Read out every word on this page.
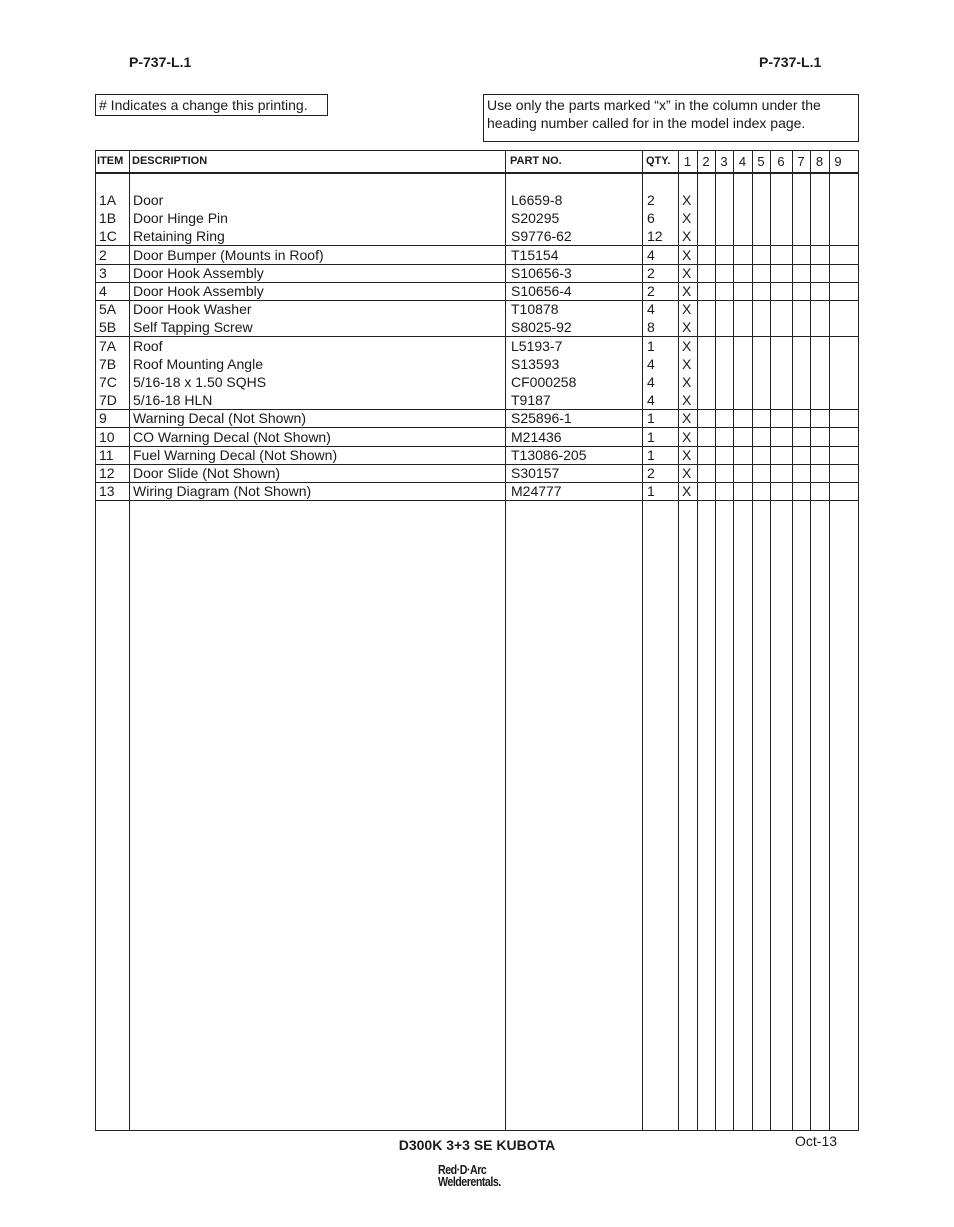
P-737-L.1	P-737-L.1
# Indicates a change this printing.	Use only the parts marked “x” in the column under the
heading number called for in the model index page.
ITEM DESCRIPTION	PART NO.	QTY.	1 2 3 4 5 6 7 8 9
1A Door	L6659-8	2 X
1B Door Hinge Pin	S20295	6 X
1C Retaining Ring	S9776-62	12 X
2 Door Bumper (Mounts in Roof)	T15154	4 X
3 Door Hook Assembly	S10656-3	2 X
4 Door Hook Assembly	S10656-4	2 X
5A Door Hook Washer	T10878	4 X
5B Self Tapping Screw	S8025-92	8 X
7A Roof	L5193-7	1 X
7B Roof Mounting Angle	S13593	4 X
7C 5/16-18 x 1.50 SQHS	CF000258	4 X
7D 5/16-18 HLN	T9187	4 X
9 Warning Decal (Not Shown)	S25896-1	1 X
10 CO Warning Decal (Not Shown)	M21436	1 X
11 Fuel Warning Decal (Not Shown)	T13086-205	1 X
12 Door Slide (Not Shown)	S30157	2 X
13 Wiring Diagram (Not Shown)	M24777	1 X
D300K 3+3 SE KUBOTA	Oct-13
Red·D·Arc
Welderentals.
